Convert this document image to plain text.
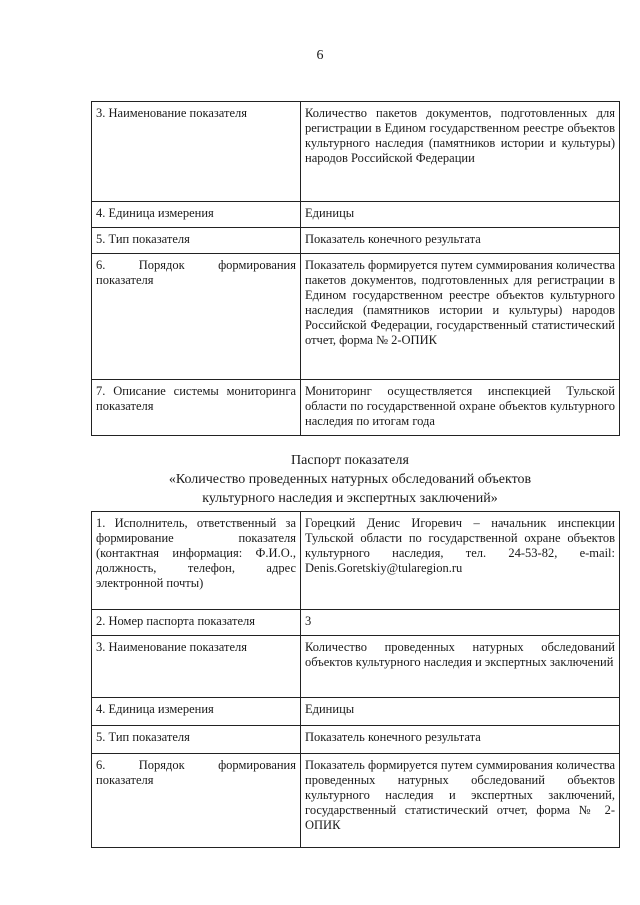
6
3. Наименование показателя	Количество пакетов документов, подготовленных для регистрации в Едином государственном реестре объектов культурного наследия (памятников истории и культуры) народов Российской Федерации
4. Единица измерения	Единицы
5. Тип показателя	Показатель конечного результата
6. Порядок формирования показателя	Показатель формируется путем суммирования количества пакетов документов, подготовленных для регистрации в Едином государственном реестре объектов культурного наследия (памятников истории и культуры) народов Российской Федерации, государственный статистический отчет, форма № 2-ОПИК
7. Описание системы мониторинга показателя	Мониторинг осуществляется инспекцией Тульской области по государственной охране объектов культурного наследия по итогам года
Паспорт показателя
«Количество проведенных натурных обследований объектов
культурного наследия и экспертных заключений»
1. Исполнитель, ответственный за формирование показателя (контактная информация: Ф.И.О., должность, телефон, адрес электронной почты)	Горецкий Денис Игоревич – начальник инспекции Тульской области по государственной охране объектов культурного наследия, тел. 24-53-82, e-mail: Denis.Goretskiy@tularegion.ru
2. Номер паспорта показателя	3
3. Наименование показателя	Количество проведенных натурных обследований объектов культурного наследия и экспертных заключений
4. Единица измерения	Единицы
5. Тип показателя	Показатель конечного результата
6. Порядок формирования показателя	Показатель формируется путем суммирования количества проведенных натурных обследований объектов культурного наследия и экспертных заключений, государственный статистический отчет, форма № 2-ОПИК
